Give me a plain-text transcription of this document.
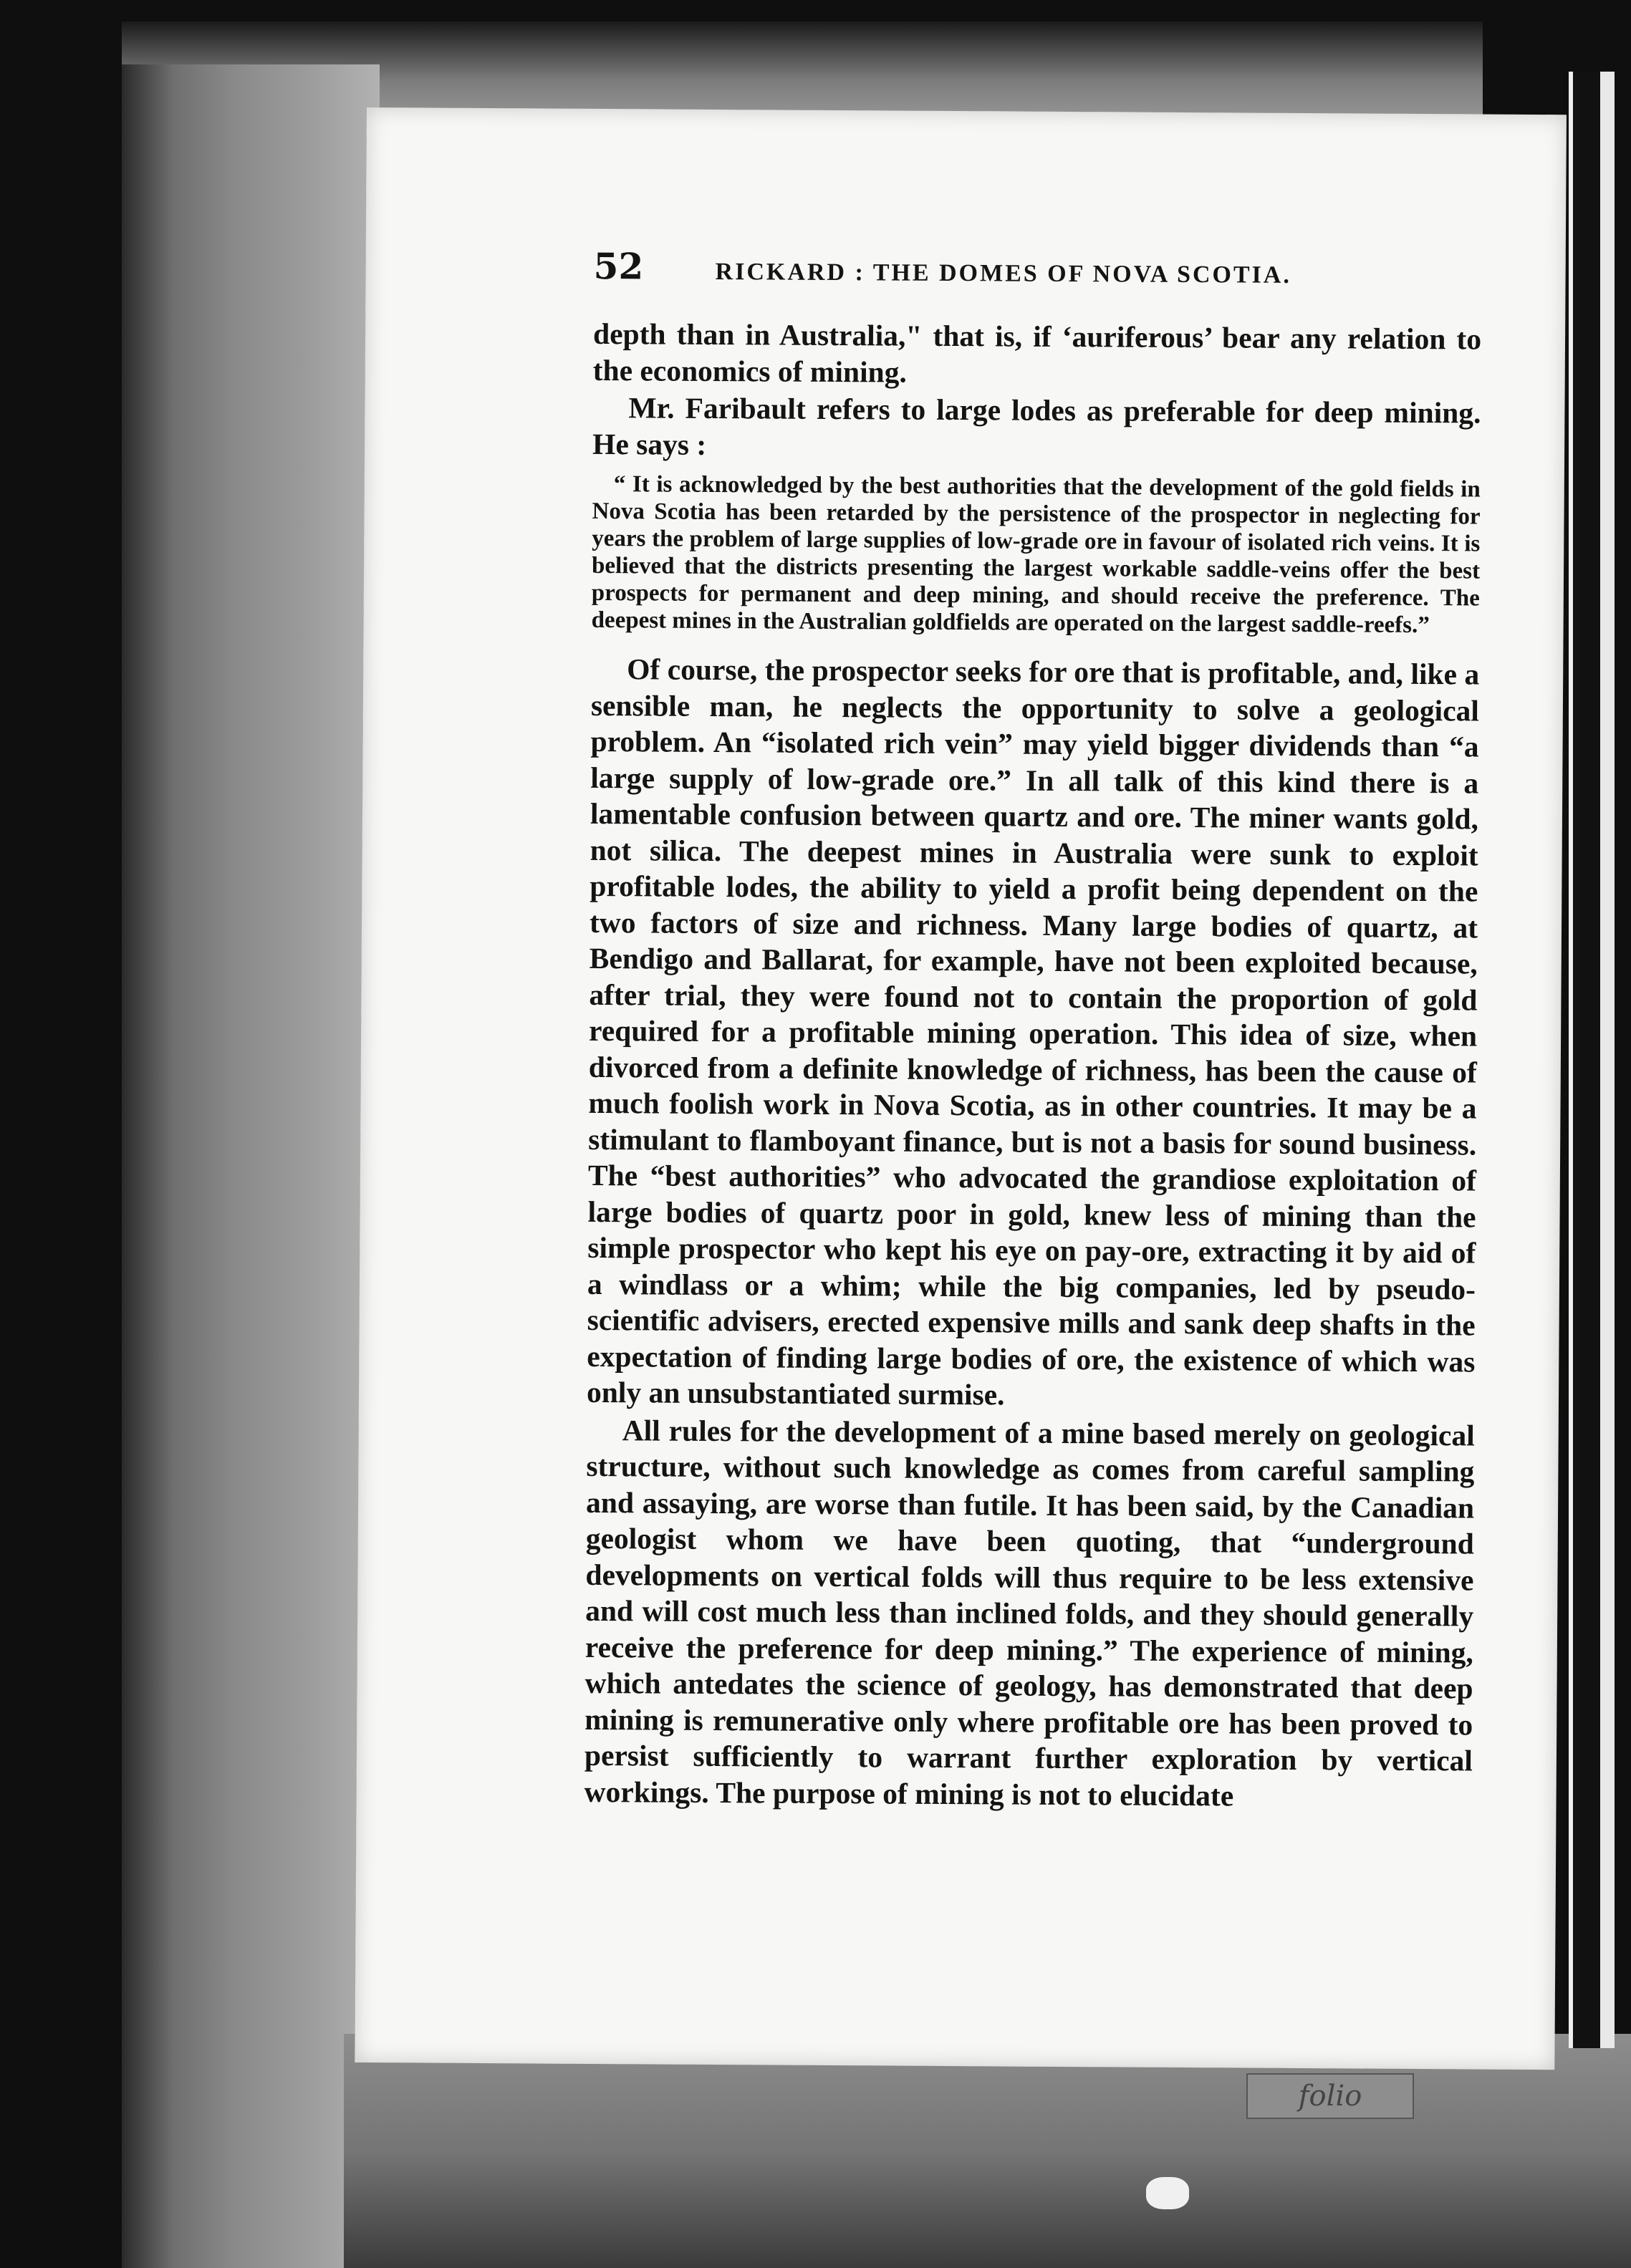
52	RICKARD : THE DOMES OF NOVA SCOTIA.

depth than in Australia," that is, if ‘auriferous’ bear any relation to the economics of mining.

Mr. Faribault refers to large lodes as preferable for deep mining. He says :

“ It is acknowledged by the best authorities that the development of the gold fields in Nova Scotia has been retarded by the persistence of the prospector in neglecting for years the problem of large supplies of low-grade ore in favour of isolated rich veins. It is believed that the districts presenting the largest workable saddle-veins offer the best prospects for permanent and deep mining, and should receive the preference. The deepest mines in the Australian goldfields are operated on the largest saddle-reefs.”

Of course, the prospector seeks for ore that is profitable, and, like a sensible man, he neglects the opportunity to solve a geological problem. An “isolated rich vein” may yield bigger dividends than “a large supply of low-grade ore.” In all talk of this kind there is a lamentable confusion between quartz and ore. The miner wants gold, not silica. The deepest mines in Australia were sunk to exploit profitable lodes, the ability to yield a profit being dependent on the two factors of size and richness. Many large bodies of quartz, at Bendigo and Ballarat, for example, have not been exploited because, after trial, they were found not to contain the proportion of gold required for a profitable mining operation. This idea of size, when divorced from a definite knowledge of richness, has been the cause of much foolish work in Nova Scotia, as in other countries. It may be a stimulant to flamboyant finance, but is not a basis for sound business. The “best authorities” who advocated the grandiose exploitation of large bodies of quartz poor in gold, knew less of mining than the simple prospector who kept his eye on pay-ore, extracting it by aid of a windlass or a whim; while the big companies, led by pseudo-scientific advisers, erected expensive mills and sank deep shafts in the expectation of finding large bodies of ore, the existence of which was only an unsubstantiated surmise.

All rules for the development of a mine based merely on geological structure, without such knowledge as comes from careful sampling and assaying, are worse than futile. It has been said, by the Canadian geologist whom we have been quoting, that “underground developments on vertical folds will thus require to be less extensive and will cost much less than inclined folds, and they should generally receive the preference for deep mining.” The experience of mining, which antedates the science of geology, has demonstrated that deep mining is remunerative only where profitable ore has been proved to persist sufficiently to warrant further exploration by vertical workings. The purpose of mining is not to elucidate

folio
